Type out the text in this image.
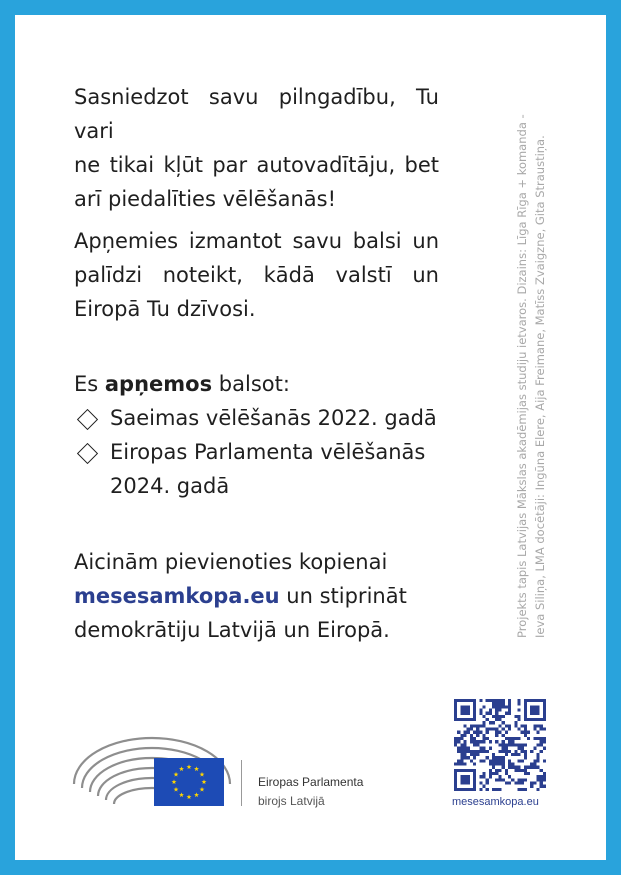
Sasniedzot savu pilngadību, Tu vari
ne tikai kļūt par autovadītāju, bet
arī piedalīties vēlēšanās!
Apņemies izmantot savu balsi un
palīdzi noteikt, kādā valstī un
Eiropā Tu dzīvosi.
Es apņemos balsot:
Saeimas vēlēšanās 2022. gadā
Eiropas Parlamenta vēlēšanās
2024. gadā
Aicinām pievienoties kopienai
mesesamkopa.eu un stiprināt
demokrātiju Latvijā un Eiropā.	Projekts tapis Latvijas Mākslas akadēmijas studiju ietvaros. Dizains: Līga Rīga + komanda - Ieva Siliņa, LMA docētāji: Ingūna Elere, Aija Freimane, Matīss Zvaigzne, Gita Straustiņa.
Eiropas Parlamenta
birojs Latvijā	mesesamkopa.eu
